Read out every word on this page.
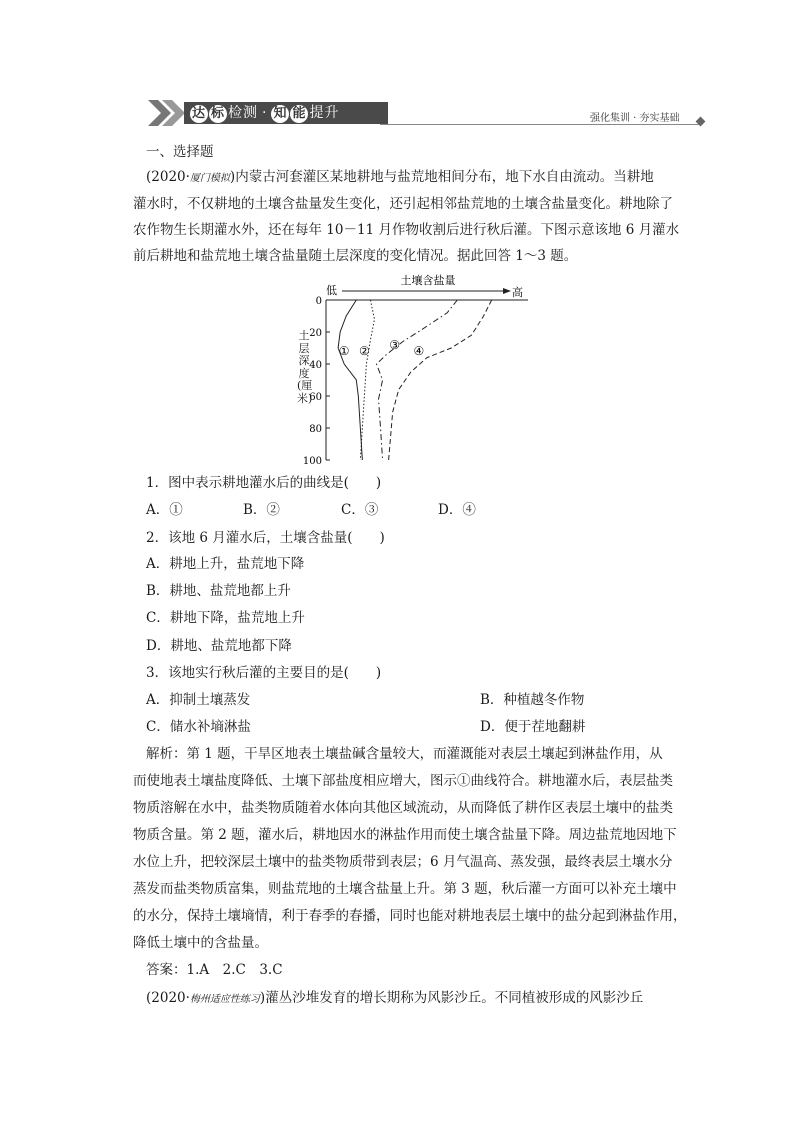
达 标 检测 · 知 能 提升	强化集训 · 夯实基础
一、选择题
(2020·厦门模拟)内蒙古河套灌区某地耕地与盐荒地相间分布，地下水自由流动。当耕地
灌水时，不仅耕地的土壤含盐量发生变化，还引起相邻盐荒地的土壤含盐量变化。耕地除了
农作物生长期灌水外，还在每年 10－11 月作物收割后进行秋后灌。下图示意该地 6 月灌水
前后耕地和盐荒地土壤含盐量随土层深度的变化情况。据此回答 1～3 题。
土壤含盐量
低	高
0
20
40
60
80
100
① ② ③ ④
土层深度(厘米)
1．图中表示耕地灌水后的曲线是(　　)
A．①	B．②	C．③	D．④
2．该地 6 月灌水后，土壤含盐量(　　)
A．耕地上升，盐荒地下降
B．耕地、盐荒地都上升
C．耕地下降，盐荒地上升
D．耕地、盐荒地都下降
3．该地实行秋后灌的主要目的是(　　)
A．抑制土壤蒸发	B．种植越冬作物
C．储水补墒淋盐	D．便于茬地翻耕
解析：第 1 题，干旱区地表土壤盐碱含量较大，而灌溉能对表层土壤起到淋盐作用，从
而使地表土壤盐度降低、土壤下部盐度相应增大，图示①曲线符合。耕地灌水后，表层盐类
物质溶解在水中，盐类物质随着水体向其他区域流动，从而降低了耕作区表层土壤中的盐类
物质含量。第 2 题，灌水后，耕地因水的淋盐作用而使土壤含盐量下降。周边盐荒地因地下
水位上升，把较深层土壤中的盐类物质带到表层；6 月气温高、蒸发强，最终表层土壤水分
蒸发而盐类物质富集，则盐荒地的土壤含盐量上升。第 3 题，秋后灌一方面可以补充土壤中
的水分，保持土壤墒情，利于春季的春播，同时也能对耕地表层土壤中的盐分起到淋盐作用，
降低土壤中的含盐量。
答案：1.A　2.C　3.C
(2020·梅州适应性练习)灌丛沙堆发育的增长期称为风影沙丘。不同植被形成的风影沙丘
